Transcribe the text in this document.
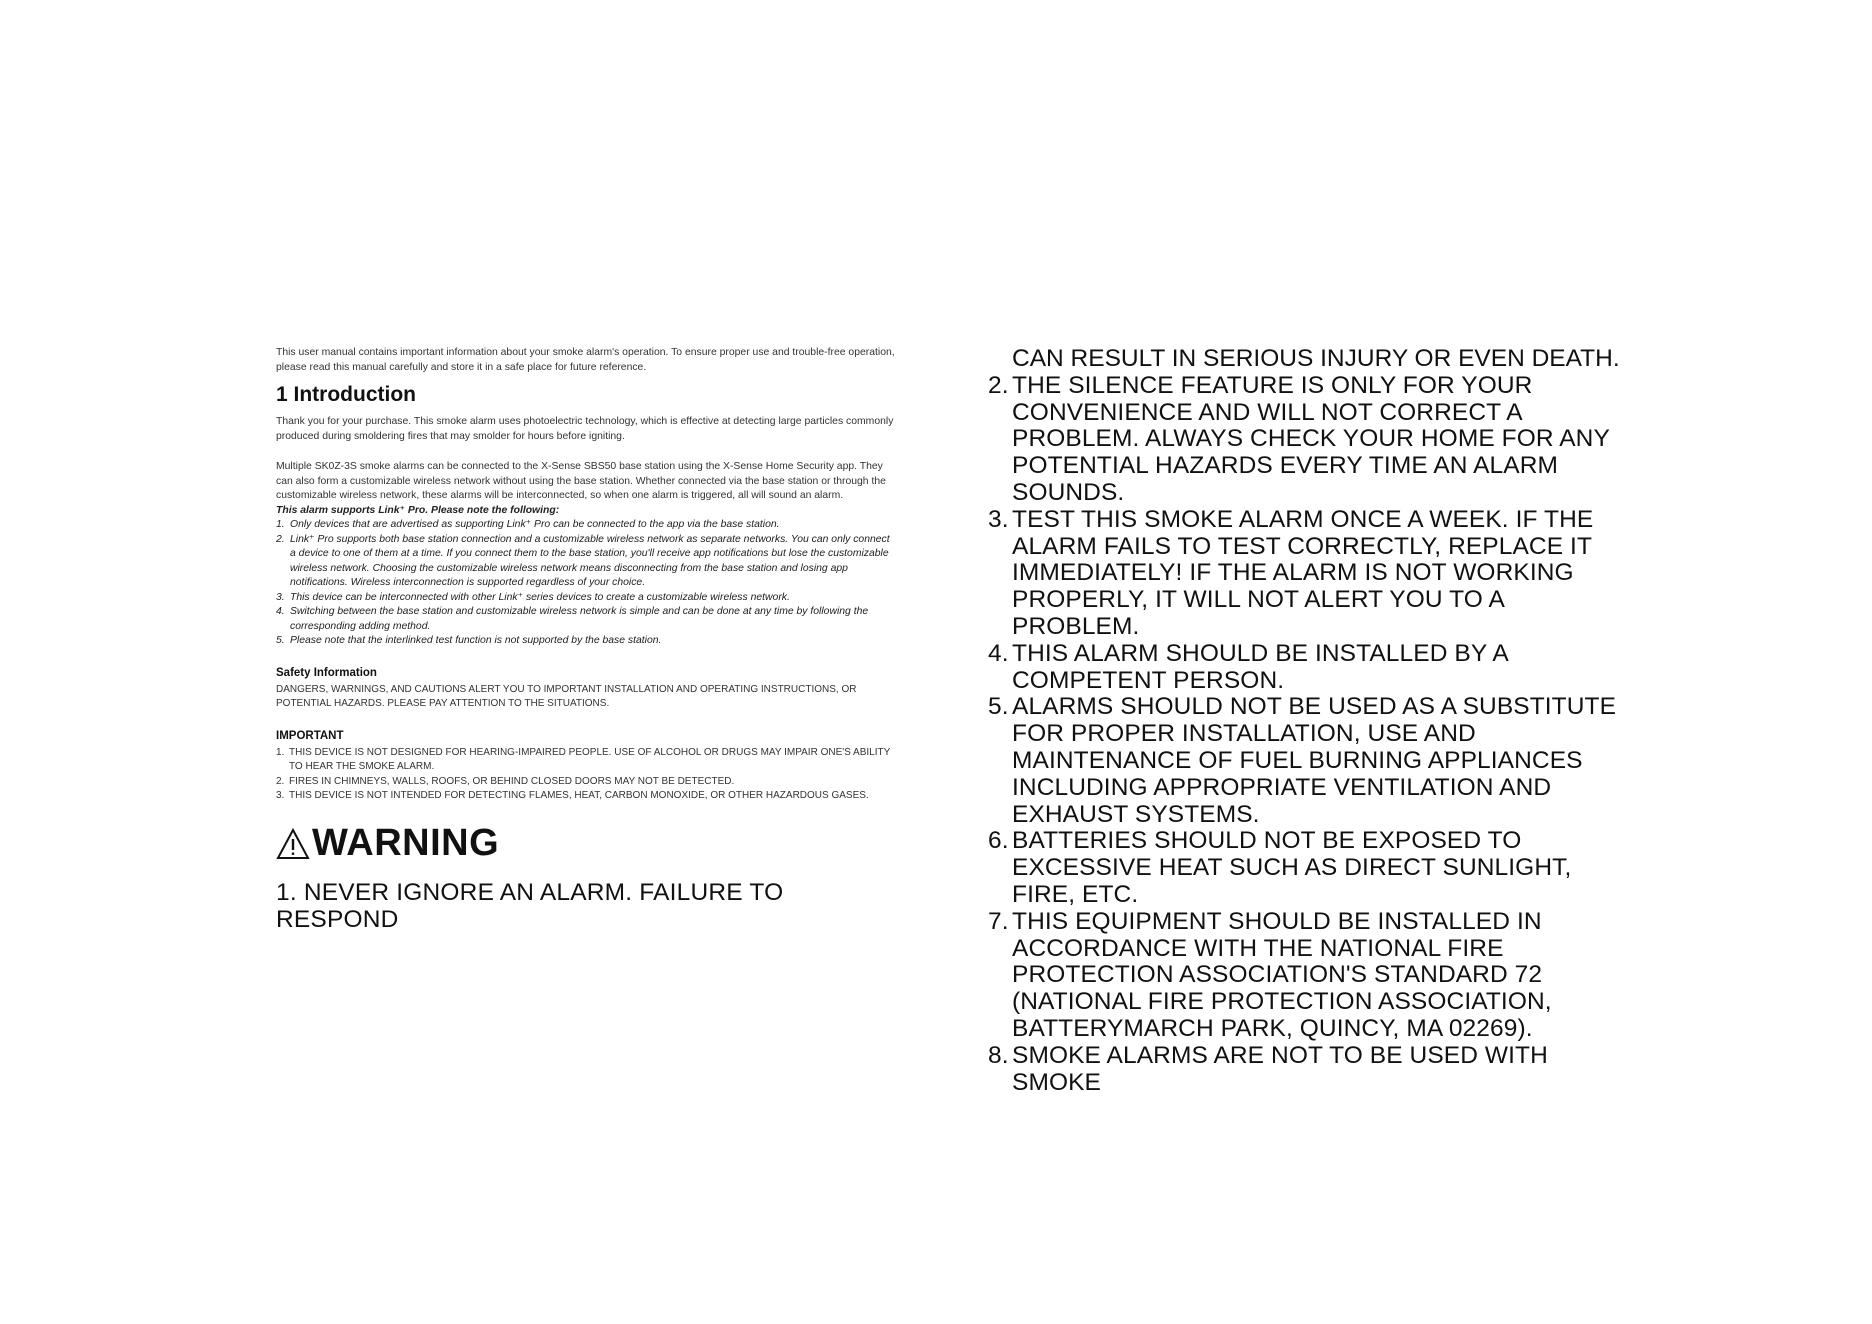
This user manual contains important information about your smoke alarm's operation. To ensure proper use and trouble-free operation, please read this manual carefully and store it in a safe place for future reference.

1 Introduction

Thank you for your purchase. This smoke alarm uses photoelectric technology, which is effective at detecting large particles commonly produced during smoldering fires that may smolder for hours before igniting.

Multiple SK0Z-3S smoke alarms can be connected to the X-Sense SBS50 base station using the X-Sense Home Security app. They can also form a customizable wireless network without using the base station. Whether connected via the base station or through the customizable wireless network, these alarms will be interconnected, so when one alarm is triggered, all will sound an alarm.

This alarm supports Link⁺ Pro. Please note the following:

1. Only devices that are advertised as supporting Link⁺ Pro can be connected to the app via the base station.
2. Link⁺ Pro supports both base station connection and a customizable wireless network as separate networks. You can only connect a device to one of them at a time. If you connect them to the base station, you'll receive app notifications but lose the customizable wireless network. Choosing the customizable wireless network means disconnecting from the base station and losing app notifications. Wireless interconnection is supported regardless of your choice.
3. This device can be interconnected with other Link⁺ series devices to create a customizable wireless network.
4. Switching between the base station and customizable wireless network is simple and can be done at any time by following the corresponding adding method.
5. Please note that the interlinked test function is not supported by the base station.
Safety Information

DANGERS, WARNINGS, AND CAUTIONS ALERT YOU TO IMPORTANT INSTALLATION AND OPERATING INSTRUCTIONS, OR POTENTIAL HAZARDS. PLEASE PAY ATTENTION TO THE SITUATIONS.

IMPORTANT
1. THIS DEVICE IS NOT DESIGNED FOR HEARING-IMPAIRED PEOPLE. USE OF ALCOHOL OR DRUGS MAY IMPAIR ONE'S ABILITY TO HEAR THE SMOKE ALARM.
2. FIRES IN CHIMNEYS, WALLS, ROOFS, OR BEHIND CLOSED DOORS MAY NOT BE DETECTED.
3. THIS DEVICE IS NOT INTENDED FOR DETECTING FLAMES, HEAT, CARBON MONOXIDE, OR OTHER HAZARDOUS GASES.
WARNING
1. NEVER IGNORE AN ALARM. FAILURE TO RESPOND
CAN RESULT IN SERIOUS INJURY OR EVEN DEATH.
2. THE SILENCE FEATURE IS ONLY FOR YOUR CONVENIENCE AND WILL NOT CORRECT A PROBLEM. ALWAYS CHECK YOUR HOME FOR ANY POTENTIAL HAZARDS EVERY TIME AN ALARM SOUNDS.
3. TEST THIS SMOKE ALARM ONCE A WEEK. IF THE ALARM FAILS TO TEST CORRECTLY, REPLACE IT IMMEDIATELY! IF THE ALARM IS NOT WORKING PROPERLY, IT WILL NOT ALERT YOU TO A PROBLEM.
4. THIS ALARM SHOULD BE INSTALLED BY A COMPETENT PERSON.
5. ALARMS SHOULD NOT BE USED AS A SUBSTITUTE FOR PROPER INSTALLATION, USE AND MAINTENANCE OF FUEL BURNING APPLIANCES INCLUDING APPROPRIATE VENTILATION AND EXHAUST SYSTEMS.
6. BATTERIES SHOULD NOT BE EXPOSED TO EXCESSIVE HEAT SUCH AS DIRECT SUNLIGHT, FIRE, ETC.
7. THIS EQUIPMENT SHOULD BE INSTALLED IN ACCORDANCE WITH THE NATIONAL FIRE PROTECTION ASSOCIATION'S STANDARD 72 (NATIONAL FIRE PROTECTION ASSOCIATION, BATTERYMARCH PARK, QUINCY, MA 02269).
8. SMOKE ALARMS ARE NOT TO BE USED WITH SMOKE
